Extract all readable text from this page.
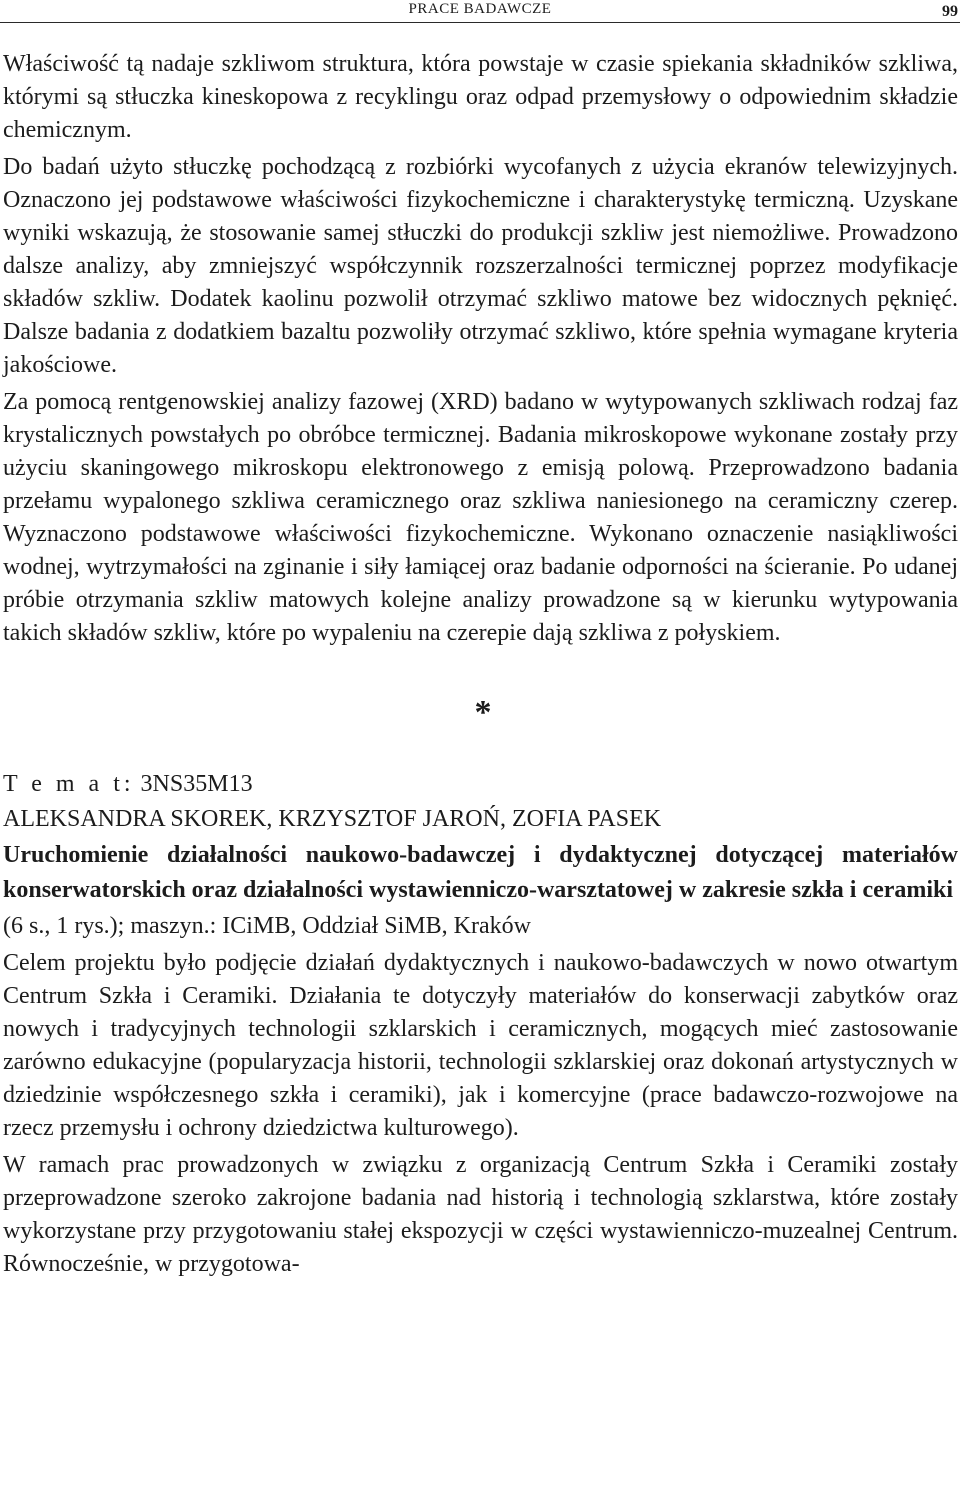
PRACE BADAWCZE	99

Właściwość tą nadaje szkliwom struktura, która powstaje w czasie spiekania składników szkliwa, którymi są stłuczka kineskopowa z recyklingu oraz odpad przemysłowy o odpowiednim składzie chemicznym.

Do badań użyto stłuczkę pochodzącą z rozbiórki wycofanych z użycia ekranów telewizyjnych. Oznaczono jej podstawowe właściwości fizykochemiczne i charakterystykę termiczną. Uzyskane wyniki wskazują, że stosowanie samej stłuczki do produkcji szkliw jest niemożliwe. Prowadzono dalsze analizy, aby zmniejszyć współczynnik rozszerzalności termicznej poprzez modyfikacje składów szkliw. Dodatek kaolinu pozwolił otrzymać szkliwo matowe bez widocznych pęknięć. Dalsze badania z dodatkiem bazaltu pozwoliły otrzymać szkliwo, które spełnia wymagane kryteria jakościowe.

Za pomocą rentgenowskiej analizy fazowej (XRD) badano w wytypowanych szkliwach rodzaj faz krystalicznych powstałych po obróbce termicznej. Badania mikroskopowe wykonane zostały przy użyciu skaningowego mikroskopu elektronowego z emisją polową. Przeprowadzono badania przełamu wypalonego szkliwa ceramicznego oraz szkliwa naniesionego na ceramiczny czerep. Wyznaczono podstawowe właściwości fizykochemiczne. Wykonano oznaczenie nasiąkliwości wodnej, wytrzymałości na zginanie i siły łamiącej oraz badanie odporności na ścieranie. Po udanej próbie otrzymania szkliw matowych kolejne analizy prowadzone są w kierunku wytypowania takich składów szkliw, które po wypaleniu na czerepie dają szkliwa z połyskiem.

*
T e m a t: 3NS35M13
ALEKSANDRA SKOREK, KRZYSZTOF JAROŃ, ZOFIA PASEK
Uruchomienie działalności naukowo-badawczej i dydaktycznej dotyczącej materiałów konserwatorskich oraz działalności wystawienniczo-warsztatowej w zakresie szkła i ceramiki
(6 s., 1 rys.); maszyn.: ICiMB, Oddział SiMB, Kraków

Celem projektu było podjęcie działań dydaktycznych i naukowo-badawczych w nowo otwartym Centrum Szkła i Ceramiki. Działania te dotyczyły materiałów do konserwacji zabytków oraz nowych i tradycyjnych technologii szklarskich i ceramicznych, mogących mieć zastosowanie zarówno edukacyjne (popularyzacja historii, technologii szklarskiej oraz dokonań artystycznych w dziedzinie współczesnego szkła i ceramiki), jak i komercyjne (prace badawczo-rozwojowe na rzecz przemysłu i ochrony dziedzictwa kulturowego).

W ramach prac prowadzonych w związku z organizacją Centrum Szkła i Ceramiki zostały przeprowadzone szeroko zakrojone badania nad historią i technologią szklarstwa, które zostały wykorzystane przy przygotowaniu stałej ekspozycji w części wystawienniczo-muzealnej Centrum. Równocześnie, w przygotowa-
